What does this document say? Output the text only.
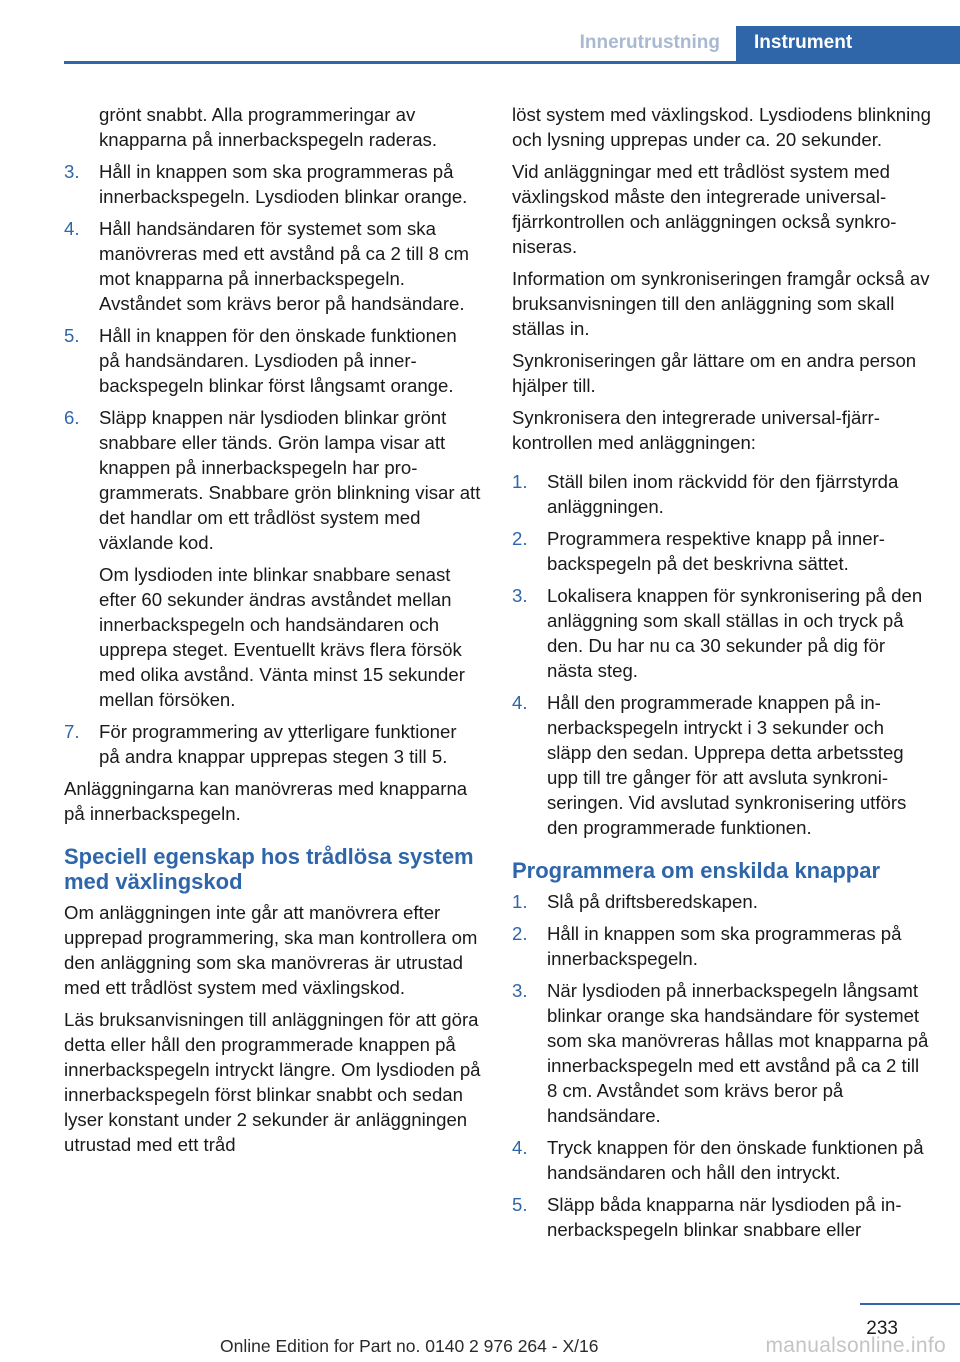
Innerutrustning	Instrument

grönt snabbt. Alla programmeringar av knapparna på innerbackspegeln raderas.

3. Håll in knappen som ska programmeras på innerbackspegeln. Lysdioden blinkar orange.
4. Håll handsändaren för systemet som ska manövreras med ett avstånd på ca 2 till 8 cm mot knapparna på innerbackspegeln. Avståndet som krävs beror på handsändare.
5. Håll in knappen för den önskade funktionen på handsändaren. Lysdioden på innerbackspegeln blinkar först långsamt orange.
6. Släpp knappen när lysdioden blinkar grönt snabbare eller tänds. Grön lampa visar att knappen på innerbackspegeln har programmerats. Snabbare grön blinkning visar att det handlar om ett trådlöst system med växlande kod.
Om lysdioden inte blinkar snabbare senast efter 60 sekunder ändras avståndet mellan innerbackspegeln och handsändaren och upprepa steget. Eventuellt krävs flera försök med olika avstånd. Vänta minst 15 sekunder mellan försöken.
7. För programmering av ytterligare funktioner på andra knappar upprepas stegen 3 till 5.

Anläggningarna kan manövreras med knapparna på innerbackspegeln.

Speciell egenskap hos trådlösa system med växlingskod

Om anläggningen inte går att manövrera efter upprepad programmering, ska man kontrollera om den anläggning som ska manövreras är utrustad med ett trådlöst system med växlingskod.

Läs bruksanvisningen till anläggningen för att göra detta eller håll den programmerade knappen på innerbackspegeln intryckt längre. Om lysdioden på innerbackspegeln först blinkar snabbt och sedan lyser konstant under 2 sekunder är anläggningen utrustad med ett tråd

löst system med växlingskod. Lysdiodens blinkning och lysning upprepas under ca. 20 sekunder.

Vid anläggningar med ett trådlöst system med växlingskod måste den integrerade universalfjärrkontrollen och anläggningen också synkroniseras.

Information om synkroniseringen framgår också av bruksanvisningen till den anläggning som skall ställas in.

Synkroniseringen går lättare om en andra person hjälper till.

Synkronisera den integrerade universal-fjärrkontrollen med anläggningen:

1. Ställ bilen inom räckvidd för den fjärrstyrda anläggningen.
2. Programmera respektive knapp på innerbackspegeln på det beskrivna sättet.
3. Lokalisera knappen för synkronisering på den anläggning som skall ställas in och tryck på den. Du har nu ca 30 sekunder på dig för nästa steg.
4. Håll den programmerade knappen på innerbackspegeln intryckt i 3 sekunder och släpp den sedan. Upprepa detta arbetssteg upp till tre gånger för att avsluta synkroniseringen. Vid avslutad synkronisering utförs den programmerade funktionen.
Programmera om enskilda knappar
1. Slå på driftsberedskapen.
2. Håll in knappen som ska programmeras på innerbackspegeln.
3. När lysdioden på innerbackspegeln långsamt blinkar orange ska handsändare för systemet som ska manövreras hållas mot knapparna på innerbackspegeln med ett avstånd på ca 2 till 8 cm. Avståndet som krävs beror på handsändare.
4. Tryck knappen för den önskade funktionen på handsändaren och håll den intryckt.
5. Släpp båda knapparna när lysdioden på innerbackspegeln blinkar snabbare eller
233
Online Edition for Part no. 0140 2 976 264 - X/16	manualsonline.info
